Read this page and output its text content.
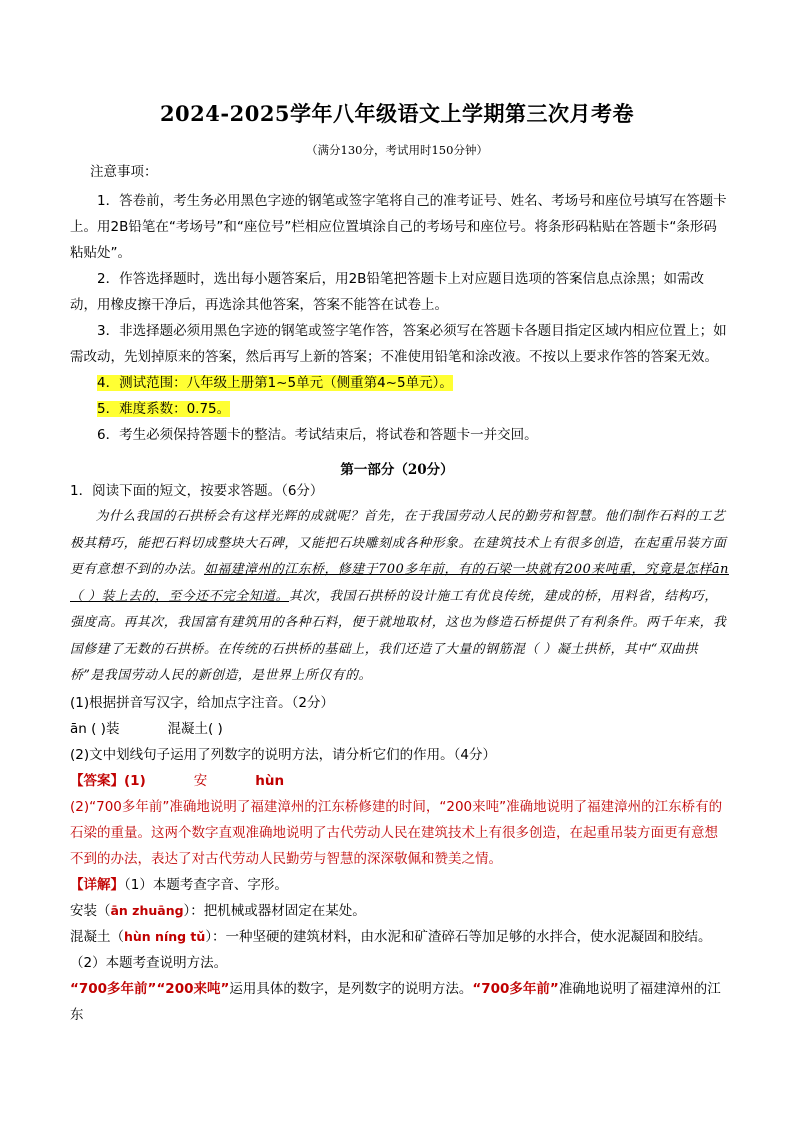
2024-2025学年八年级语文上学期第三次月考卷
（满分130分，考试用时150分钟）
注意事项：

1．答卷前，考生务必用黑色字迹的钢笔或签字笔将自己的准考证号、姓名、考场号和座位号填写在答题卡上。用2B铅笔在“考场号”和“座位号”栏相应位置填涂自己的考场号和座位号。将条形码粘贴在答题卡“条形码粘贴处”。

2．作答选择题时，选出每小题答案后，用2B铅笔把答题卡上对应题目选项的答案信息点涂黑；如需改动，用橡皮擦干净后，再选涂其他答案，答案不能答在试卷上。

3．非选择题必须用黑色字迹的钢笔或签字笔作答，答案必须写在答题卡各题目指定区域内相应位置上；如需改动，先划掉原来的答案，然后再写上新的答案；不准使用铅笔和涂改液。不按以上要求作答的答案无效。

4．测试范围：八年级上册第1~5单元（侧重第4~5单元）。

5．难度系数：0.75。

6．考生必须保持答题卡的整洁。考试结束后，将试卷和答题卡一并交回。

第一部分（20分）

1．阅读下面的短文，按要求答题。（6分）

为什么我国的石拱桥会有这样光辉的成就呢？首先，在于我国劳动人民的勤劳和智慧。他们制作石料的工艺极其精巧，能把石料切成整块大石碑，又能把石块雕刻成各种形象。在建筑技术上有很多创造，在起重吊装方面更有意想不到的办法。如福建漳州的江东桥，修建于700多年前，有的石梁一块就有200来吨重，究竟是怎样ān（ ）装上去的，至今还不完全知道。其次，我国石拱桥的设计施工有优良传统，建成的桥，用料省，结构巧，强度高。再其次，我国富有建筑用的各种石料，便于就地取材，这也为修造石桥提供了有利条件。两千年来，我国修建了无数的石拱桥。在传统的石拱桥的基础上，我们还造了大量的钢筋混（ ）凝土拱桥，其中“双曲拱桥”是我国劳动人民的新创造，是世界上所仅有的。

(1)根据拼音写汉字，给加点字注音。（2分）

ān ( )装	混凝土( )

(2)文中划线句子运用了列数字的说明方法，请分析它们的作用。（4分）

【答案】(1)	安	hùn

(2)“700多年前”准确地说明了福建漳州的江东桥修建的时间，“200来吨”准确地说明了福建漳州的江东桥有的石梁的重量。这两个数字直观准确地说明了古代劳动人民在建筑技术上有很多创造，在起重吊装方面更有意想不到的办法，表达了对古代劳动人民勤劳与智慧的深深敬佩和赞美之情。

【详解】（1）本题考查字音、字形。

安装（ān zhuāng）：把机械或器材固定在某处。

混凝土（hùn níng tǔ）：一种坚硬的建筑材料，由水泥和矿渣碎石等加足够的水拌合，使水泥凝固和胶结。

（2）本题考查说明方法。

“700多年前”“200来吨”运用具体的数字，是列数字的说明方法。“700多年前”准确地说明了福建漳州的江东
